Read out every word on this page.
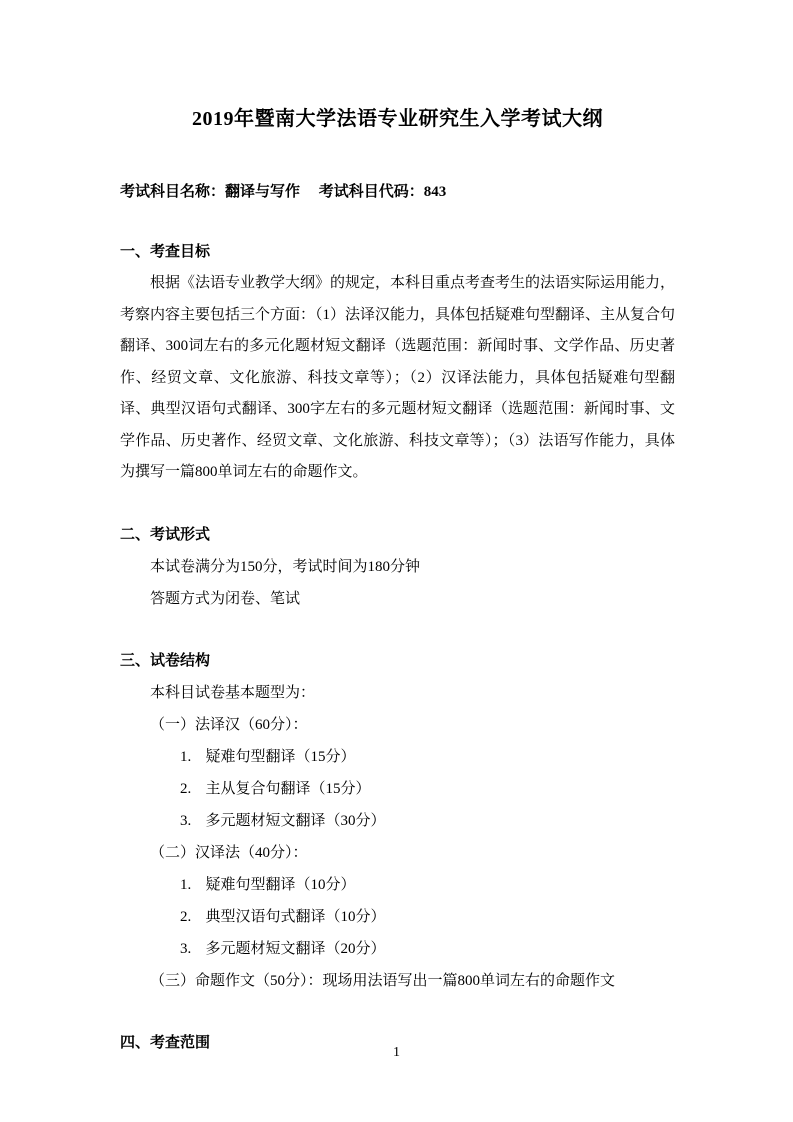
2019年暨南大学法语专业研究生入学考试大纲

考试科目名称：翻译与写作　 考试科目代码：843

一、考查目标

根据《法语专业教学大纲》的规定，本科目重点考查考生的法语实际运用能力，考察内容主要包括三个方面：（1）法译汉能力，具体包括疑难句型翻译、主从复合句翻译、300词左右的多元化题材短文翻译（选题范围：新闻时事、文学作品、历史著作、经贸文章、文化旅游、科技文章等）；（2）汉译法能力，具体包括疑难句型翻译、典型汉语句式翻译、300字左右的多元题材短文翻译（选题范围：新闻时事、文学作品、历史著作、经贸文章、文化旅游、科技文章等）；（3）法语写作能力，具体为撰写一篇800单词左右的命题作文。

二、考试形式

本试卷满分为150分，考试时间为180分钟

答题方式为闭卷、笔试

三、试卷结构

本科目试卷基本题型为：

（一）法译汉（60分）：

1. 疑难句型翻译（15分）

2. 主从复合句翻译（15分）

3. 多元题材短文翻译（30分）

（二）汉译法（40分）：

1. 疑难句型翻译（10分）

2. 典型汉语句式翻译（10分）

3. 多元题材短文翻译（20分）

（三）命题作文（50分）：现场用法语写出一篇800单词左右的命题作文

四、考查范围
1
